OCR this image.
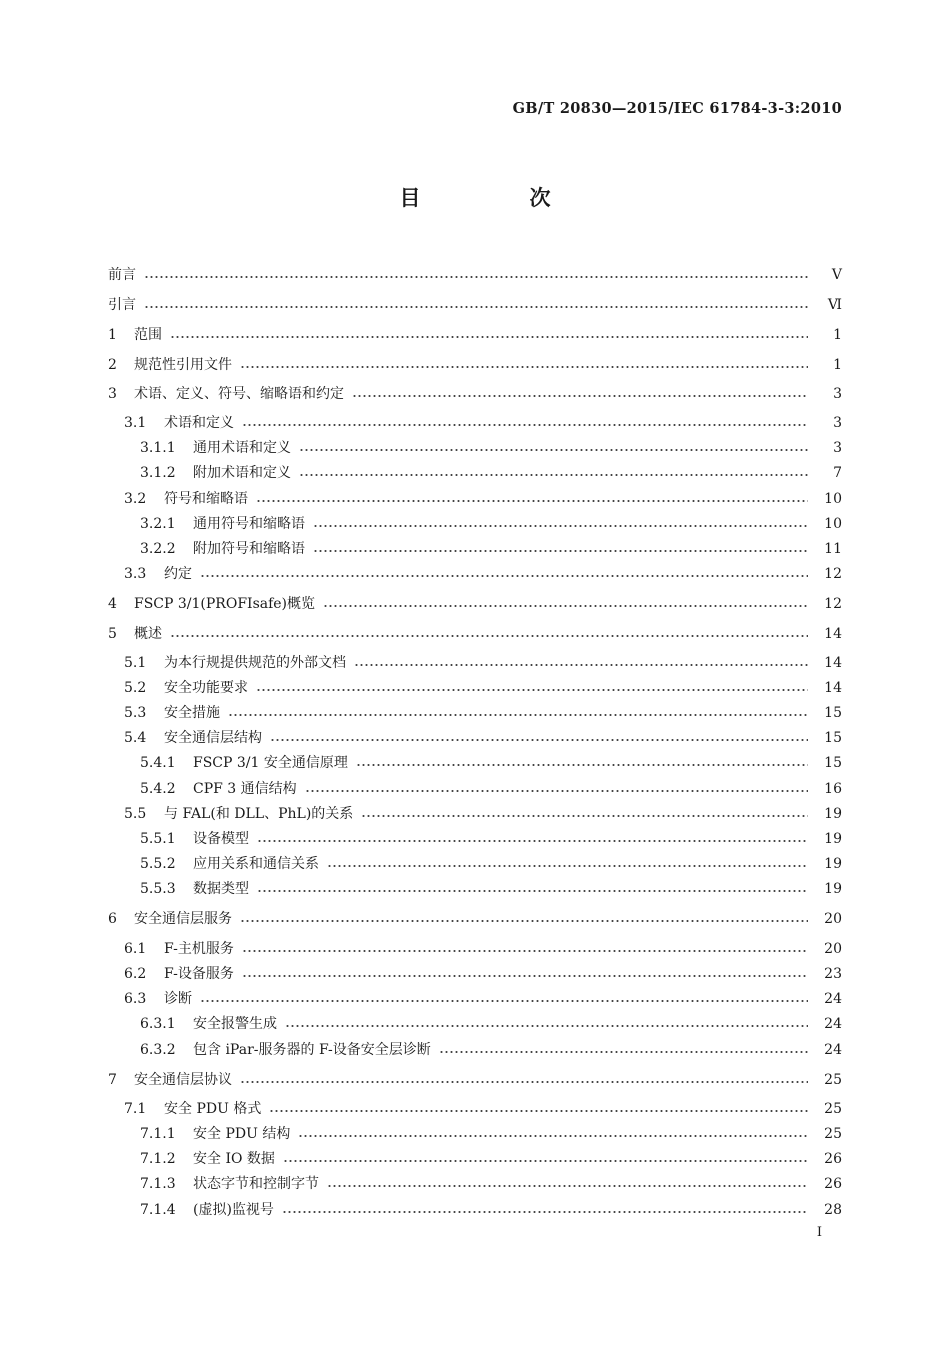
GB/T 20830—2015/IEC 61784-3-3:2010
目　次
前言	Ⅴ
引言	Ⅵ
1	范围	1
2	规范性引用文件	1
3	术语、定义、符号、缩略语和约定	3
3.1	术语和定义	3
3.1.1	通用术语和定义	3
3.1.2	附加术语和定义	7
3.2	符号和缩略语	10
3.2.1	通用符号和缩略语	10
3.2.2	附加符号和缩略语	11
3.3	约定	12
4	FSCP 3/1(PROFIsafe)概览	12
5	概述	14
5.1	为本行规提供规范的外部文档	14
5.2	安全功能要求	14
5.3	安全措施	15
5.4	安全通信层结构	15
5.4.1	FSCP 3/1 安全通信原理	15
5.4.2	CPF 3 通信结构	16
5.5	与 FAL(和 DLL、PhL)的关系	19
5.5.1	设备模型	19
5.5.2	应用关系和通信关系	19
5.5.3	数据类型	19
6	安全通信层服务	20
6.1	F-主机服务	20
6.2	F-设备服务	23
6.3	诊断	24
6.3.1	安全报警生成	24
6.3.2	包含 iPar-服务器的 F-设备安全层诊断	24
7	安全通信层协议	25
7.1	安全 PDU 格式	25
7.1.1	安全 PDU 结构	25
7.1.2	安全 IO 数据	26
7.1.3	状态字节和控制字节	26
7.1.4	(虚拟)监视号	28
I
